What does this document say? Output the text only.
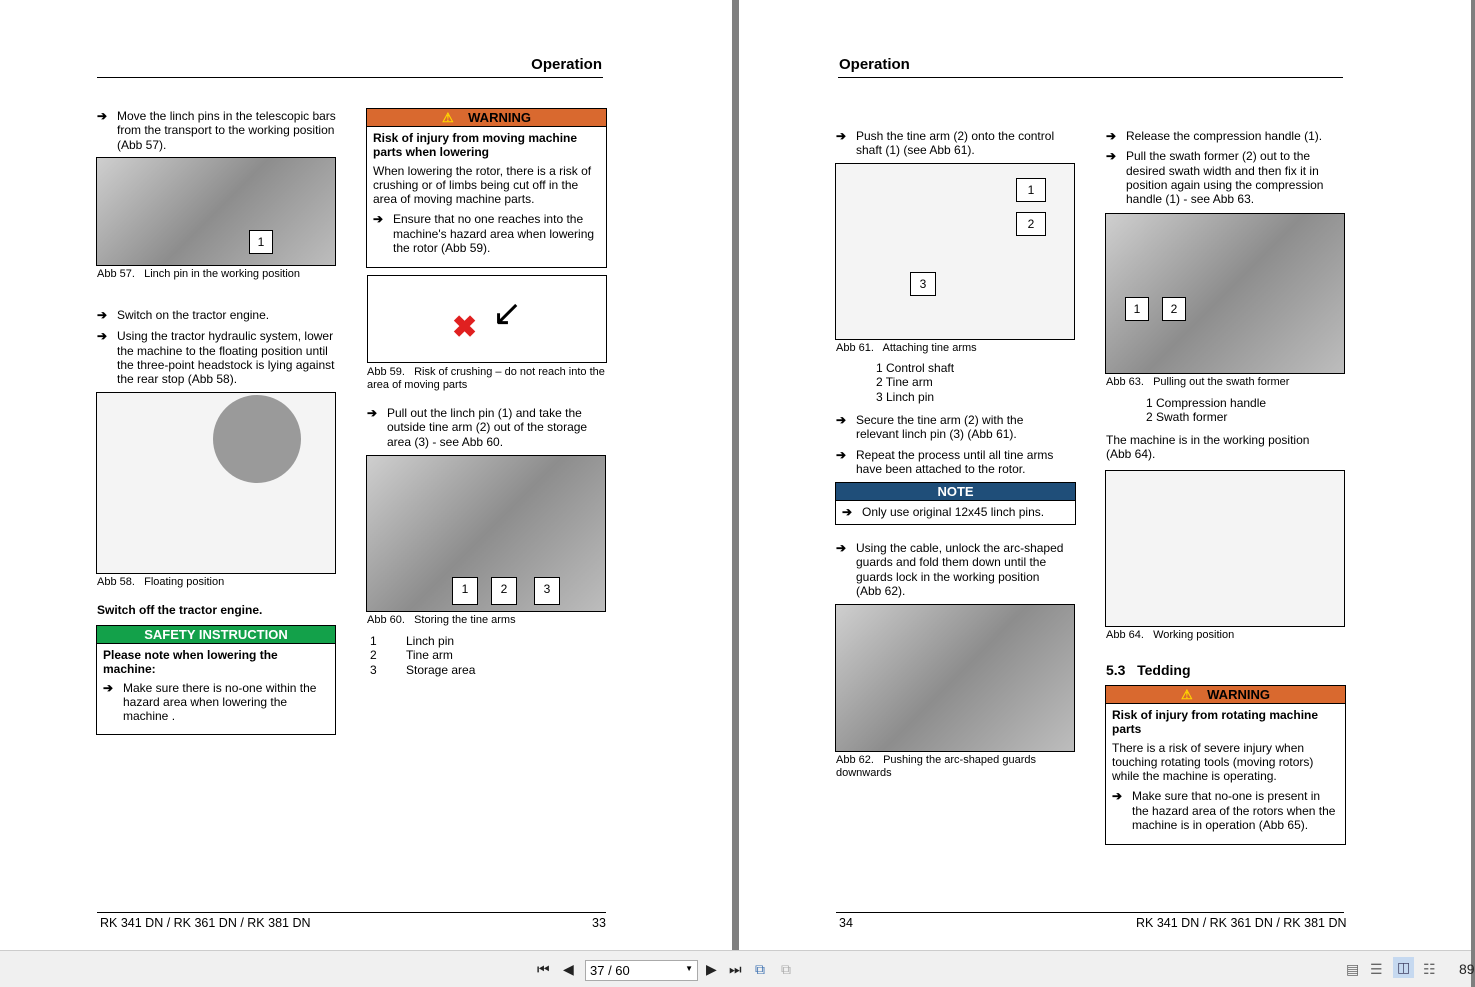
Operation
➔ Move the linch pins in the telescopic bars from the transport to the working position (Abb 57).
1
Abb 57. Linch pin in the working position
➔ Switch on the tractor engine.
➔ Using the tractor hydraulic system, lower the machine to the floating position until the three-point headstock is lying against the rear stop (Abb 58).
Abb 58. Floating position
Switch off the tractor engine.
SAFETY INSTRUCTION
Please note when lowering the machine:
➔ Make sure there is no-one within the hazard area when lowering the machine .
⚠ WARNING
Risk of injury from moving machine parts when lowering
When lowering the rotor, there is a risk of crushing or of limbs being cut off in the area of moving machine parts.
➔ Ensure that no one reaches into the machine's hazard area when lowering the rotor (Abb 59).
✖ ↙
Abb 59. Risk of crushing – do not reach into the area of moving parts
➔ Pull out the linch pin (1) and take the outside tine arm (2) out of the storage area (3) - see Abb 60.
1	2	3
Abb 60. Storing the tine arms
1 Linch pin
2 Tine arm
3 Storage area
RK 341 DN / RK 361 DN / RK 381 DN	33
Operation
➔ Push the tine arm (2) onto the control shaft (1) (see Abb 61).
1
2
3
Abb 61. Attaching tine arms
1 Control shaft
2 Tine arm
3 Linch pin
➔ Secure the tine arm (2) with the relevant linch pin (3) (Abb 61).
➔ Repeat the process until all tine arms have been attached to the rotor.
NOTE
➔ Only use original 12x45 linch pins.
➔ Using the cable, unlock the arc-shaped guards and fold them down until the guards lock in the working position (Abb 62).
Abb 62. Pushing the arc-shaped guards downwards
➔ Release the compression handle (1).
➔ Pull the swath former (2) out to the desired swath width and then fix it in position again using the compression handle (1) - see Abb 63.
1	2
Abb 63. Pulling out the swath former
1 Compression handle
2 Swath former
The machine is in the working position (Abb 64).
Abb 64. Working position
5.3   Tedding
⚠ WARNING
Risk of injury from rotating machine parts
There is a risk of severe injury when touching rotating tools (moving rotors) while the machine is operating.
➔ Make sure that no-one is present in the hazard area of the rotors when the machine is in operation (Abb 65).
34	RK 341 DN / RK 361 DN / RK 381 DN
⏮ ◀	37 / 60	▼ ▶ ⏭ ⧉ ⧉	▤ ☰ ◫ ☷ 89
